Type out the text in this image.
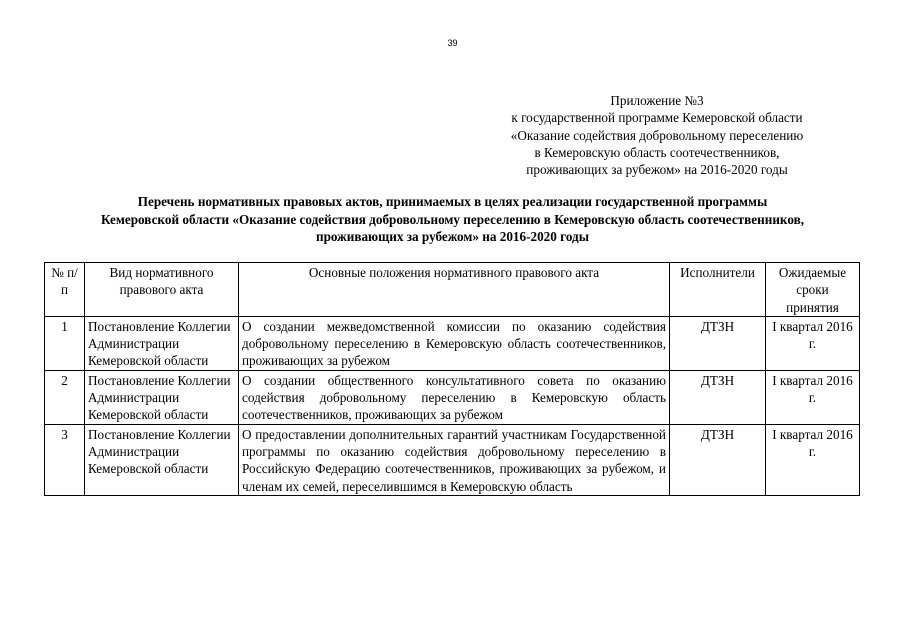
39
Приложение №3
к государственной программе Кемеровской области
«Оказание содействия добровольному переселению
в Кемеровскую область соотечественников,
проживающих за рубежом» на 2016-2020 годы
Перечень нормативных правовых актов, принимаемых в целях реализации государственной программы
Кемеровской области «Оказание содействия добровольному переселению в Кемеровскую область соотечественников,
проживающих за рубежом» на 2016-2020 годы
№ п/п	Вид нормативного правового акта	Основные положения нормативного правового акта	Исполнители	Ожидаемые сроки принятия
1	Постановление Коллегии Администрации Кемеровской области	О создании межведомственной комиссии по оказанию содействия добровольному переселению в Кемеровскую область соотечественников, проживающих за рубежом	ДТЗН	I квартал 2016 г.
2	Постановление Коллегии Администрации Кемеровской области	О создании общественного консультативного совета по оказанию содействия добровольному переселению в Кемеровскую область соотечественников, проживающих за рубежом	ДТЗН	I квартал 2016 г.
3	Постановление Коллегии Администрации Кемеровской области	О предоставлении дополнительных гарантий участникам Государственной программы по оказанию содействия добровольному переселению в Российскую Федерацию соотечественников, проживающих за рубежом, и членам их семей, переселившимся в Кемеровскую область	ДТЗН	I квартал 2016 г.
